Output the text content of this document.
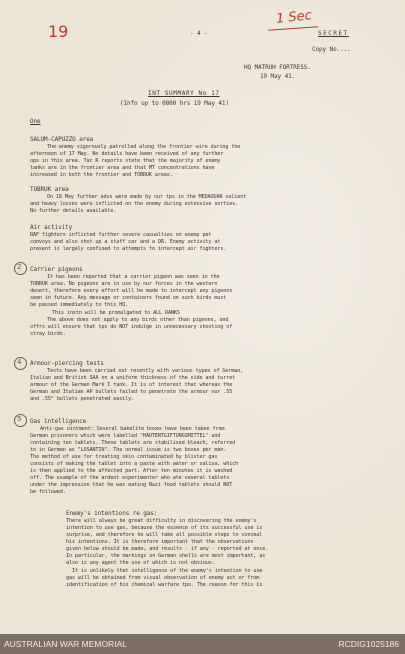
19
1 Sec
- 4 -	SECRET
Copy No....
HQ MATRUH FORTRESS.
19 May 41.
INT SUMMARY No 17
(Info up to 0800 hrs 19 May 41)
One
SALUM-CAPUZZO area
The enemy vigorously patrolled along the frontier wire during the
afternoon of 17 May. No details have been received of any further
ops in this area. Tac R reports state that the majority of enemy
tanks are in the frontier area and that MT concentrations have
increased in both the frontier and TOBRUK areas.
TOBRUK area
On 18 May further advs were made by our tps in the MEDAUUAR salient
and heavy losses were inflicted on the enemy during extensive sorties.
No further details available.
Air activity
RAF fighters inflicted further severe casualties on enemy pet
convoys and also shot up a staff car and a DR. Enemy activity at
present is largely confined to attempts to intercept air fighters.
2 Carrier pigeons
It has been reported that a carrier pigeon was seen in the
TOBRUK area. No pigeons are in use by our forces in the western
desert, therefore every effort will be made to intercept any pigeons
seen in future. Any message or containers found on such birds must
be passed immediately to this HQ.
This instn will be promulgated to ALL RANKS
The above does not apply to any birds other than pigeons, and
offrs will ensure that tps do NOT indulge in unnecessary shooting of
stray birds.
4 Armour-piercing tests
Tests have been carried out recently with various types of German,
Italian and British SAA on a uniform thickness of the side and turret
armour of the German Mark I tank. It is of interest that whereas the
German and Italian AP bullets failed to penetrate the armour our .55
and .55" bullets penetrated easily.
5 Gas intelligence
Anti-gas ointment: Several bakelite boxes have been taken from
German prisoners which were labelled "HAUTENTGIFTUNGSMITTEL" and
containing ten tablets. These tablets are stabilised bleach, referred
to in German as "LOSANTIN". The normal issue is two boxes per man.
The method of use for treating skin contaminated by blister gas
consists of making the tablet into a paste with water or saliva, which
is then applied to the affected part. After ten minutes it is washed
off. The example of the ardent experimenter who ate several tablets
under the impression that he was eating Nazi food tablets should NOT
be followed.
Enemy's intentions re gas:
There will always be great difficulty in discovering the enemy's
intention to use gas, because the essence of its successful use is
surprise, and therefore he will take all possible steps to conceal
his intentions. It is therefore important that the observations
given below should be made, and results - if any - reported at once.
In particular, the markings on German shells are most important, as
also is any agent the use of which is not obvious.
It is unlikely that intelligence of the enemy's intention to use
gas will be obtained from visual observation of enemy act or from
identification of his chemical warfare tps. The reason for this is
AUSTRALIAN WAR MEMORIAL	RCDIG1025186
